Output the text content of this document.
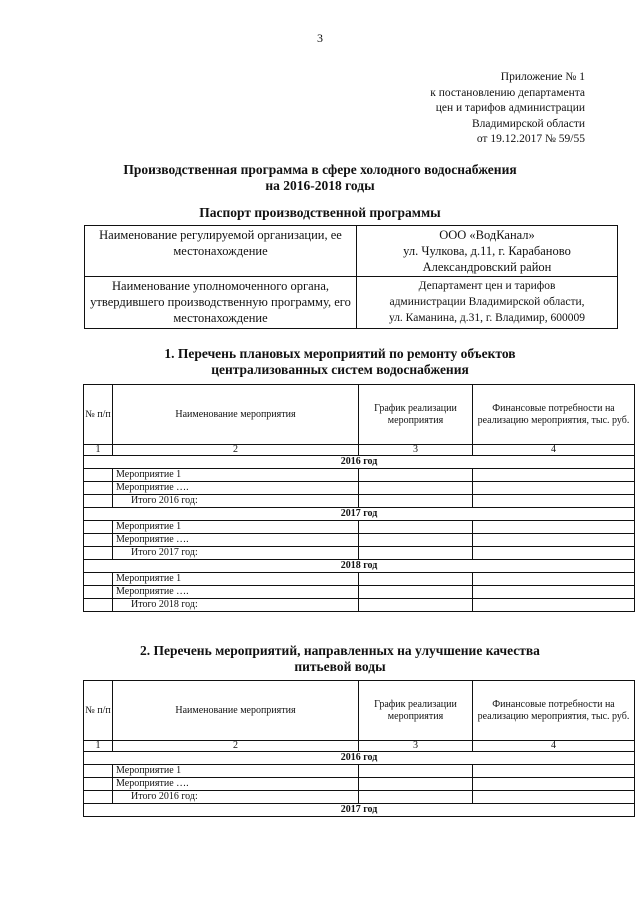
3
Приложение № 1
к постановлению департамента
цен и тарифов администрации
Владимирской области
от 19.12.2017 № 59/55
Производственная программа в сфере холодного водоснабжения
на 2016-2018 годы
Паспорт производственной программы
Наименование регулируемой организации, ее местонахождение	ООО «ВодКанал»
ул. Чулкова, д.11, г. Карабаново
Александровский район

Наименование уполномоченного органа, утвердившего производственную программу, его местонахождение	Департамент цен и тарифов
администрации Владимирской области,
ул. Каманина, д.31, г. Владимир, 600009
1. Перечень плановых мероприятий по ремонту объектов
централизованных систем водоснабжения
№ п/п	Наименование мероприятия	График реализации мероприятия	Финансовые потребности на реализацию мероприятия, тыс. руб.
1	2	3	4
2016 год			
	Мероприятие 1		
	Мероприятие ….		
	Итого 2016 год:		
2017 год			
	Мероприятие 1		
	Мероприятие ….		
	Итого 2017 год:		
2018 год			
	Мероприятие 1		
	Мероприятие ….		
	Итого 2018 год:		
2. Перечень мероприятий, направленных на улучшение качества
питьевой воды
№ п/п	Наименование мероприятия	График реализации мероприятия	Финансовые потребности на реализацию мероприятия, тыс. руб.
1	2	3	4
2016 год			
	Мероприятие 1		
	Мероприятие ….		
	Итого 2016 год:		
2017 год			
